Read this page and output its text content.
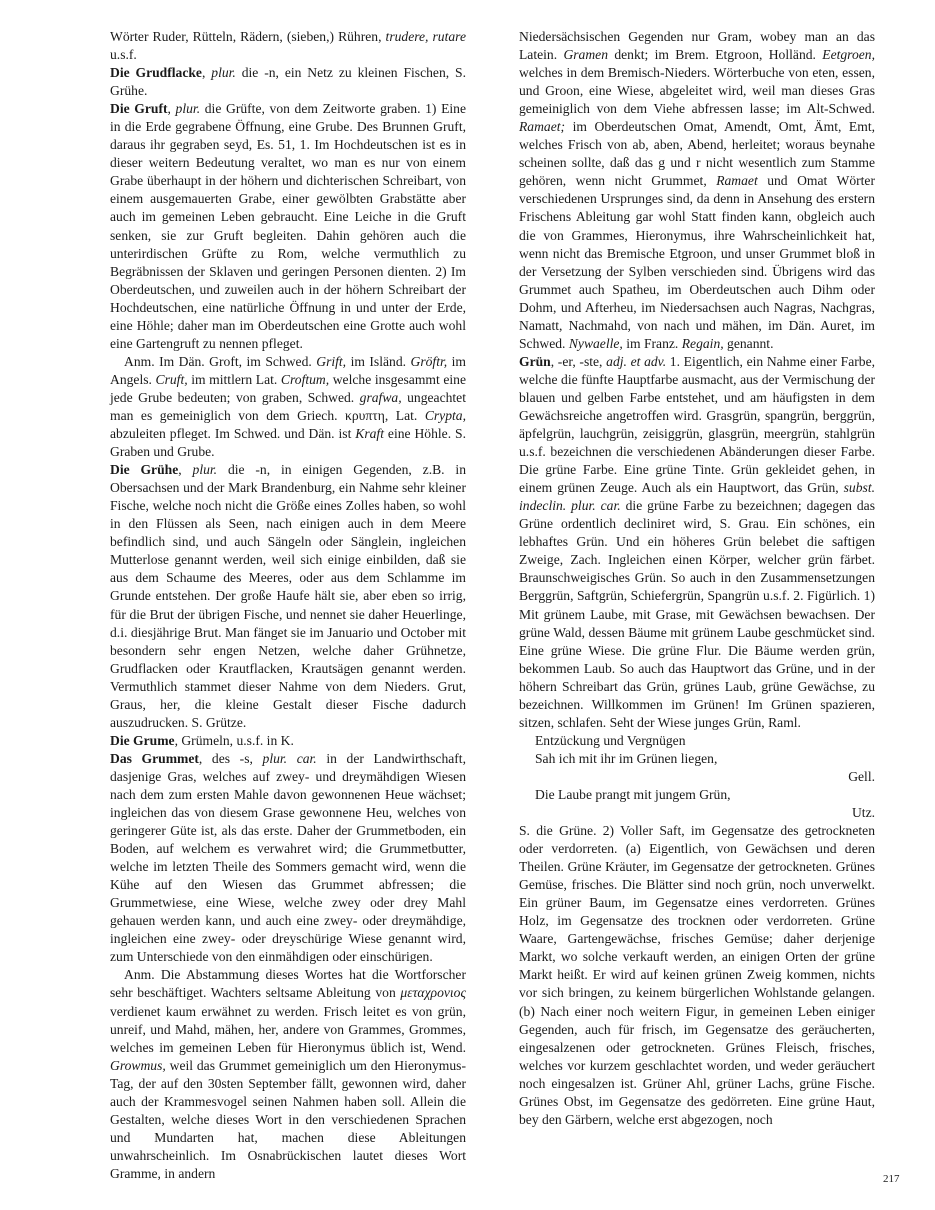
Wörter Ruder, Rütteln, Rädern, (sieben,) Rühren, trudere, rutare u.s.f.

Die Grudflacke, plur. die -n, ein Netz zu kleinen Fischen, S. Grühe.

Die Gruft, plur. die Grüfte, von dem Zeitworte graben. 1) Eine in die Erde gegrabene Öffnung, eine Grube. Des Brunnen Gruft, daraus ihr gegraben seyd, Es. 51, 1. Im Hochdeutschen ist es in dieser weitern Bedeutung veraltet, wo man es nur von einem Grabe überhaupt in der höhern und dichterischen Schreibart, von einem ausgemauerten Grabe, einer gewölbten Grabstätte aber auch im gemeinen Leben gebraucht. Eine Leiche in die Gruft senken, sie zur Gruft begleiten. Dahin gehören auch die unterirdischen Grüfte zu Rom, welche vermuthlich zu Begräbnissen der Sklaven und geringen Personen dienten. 2) Im Oberdeutschen, und zuweilen auch in der höhern Schreibart der Hochdeutschen, eine natürliche Öffnung in und unter der Erde, eine Höhle; daher man im Oberdeutschen eine Grotte auch wohl eine Gartengruft zu nennen pfleget.

Anm. Im Dän. Groft, im Schwed. Grift, im Isländ. Gröftr, im Angels. Cruft, im mittlern Lat. Croftum, welche insgesammt eine jede Grube bedeuten; von graben, Schwed. grafwa, ungeachtet man es gemeiniglich von dem Griech. κρυπτη, Lat. Crypta, abzuleiten pfleget. Im Schwed. und Dän. ist Kraft eine Höhle. S. Graben und Grube.

Die Grühe, plur. die -n, in einigen Gegenden, z.B. in Obersachsen und der Mark Brandenburg, ein Nahme sehr kleiner Fische, welche noch nicht die Größe eines Zolles haben, so wohl in den Flüssen als Seen, nach einigen auch in dem Meere befindlich sind, und auch Sängeln oder Sänglein, ingleichen Mutterlose genannt werden, weil sich einige einbilden, daß sie aus dem Schaume des Meeres, oder aus dem Schlamme im Grunde entstehen. Der große Haufe hält sie, aber eben so irrig, für die Brut der übrigen Fische, und nennet sie daher Heuerlinge, d.i. diesjährige Brut. Man fänget sie im Januario und October mit besondern sehr engen Netzen, welche daher Grühnetze, Grudflacken oder Krautflacken, Krautsägen genannt werden. Vermuthlich stammet dieser Nahme von dem Nieders. Grut, Graus, her, die kleine Gestalt dieser Fische dadurch auszudrucken. S. Grütze.

Die Grume, Grümeln, u.s.f. in K.

Das Grummet, des -s, plur. car. in der Landwirthschaft, dasjenige Gras, welches auf zwey- und dreymähdigen Wiesen nach dem zum ersten Mahle davon gewonnenen Heue wächset; ingleichen das von diesem Grase gewonnene Heu, welches von geringerer Güte ist, als das erste. Daher der Grummetboden, ein Boden, auf welchem es verwahret wird; die Grummetbutter, welche im letzten Theile des Sommers gemacht wird, wenn die Kühe auf den Wiesen das Grummet abfressen; die Grummetwiese, eine Wiese, welche zwey oder drey Mahl gehauen werden kann, und auch eine zwey- oder dreymähdige, ingleichen eine zwey- oder dreyschürige Wiese genannt wird, zum Unterschiede von den einmähdigen oder einschürigen.

Anm. Die Abstammung dieses Wortes hat die Wortforscher sehr beschäftiget. Wachters seltsame Ableitung von μεταχρονιος verdienet kaum erwähnet zu werden. Frisch leitet es von grün, unreif, und Mahd, mähen, her, andere von Grammes, Grommes, welches im gemeinen Leben für Hieronymus üblich ist, Wend. Growmus, weil das Grummet gemeiniglich um den Hieronymus-Tag, der auf den 30sten September fällt, gewonnen wird, daher auch der Krammesvogel seinen Nahmen haben soll. Allein die Gestalten, welche dieses Wort in den verschiedenen Sprachen und Mundarten hat, machen diese Ableitungen unwahrscheinlich. Im Osnabrückischen lautet dieses Wort Gramme, in andern

Niedersächsischen Gegenden nur Gram, wobey man an das Latein. Gramen denkt; im Brem. Etgroon, Holländ. Eetgroen, welches in dem Bremisch-Nieders. Wörterbuche von eten, essen, und Groon, eine Wiese, abgeleitet wird, weil man dieses Gras gemeiniglich von dem Viehe abfressen lasse; im Alt-Schwed. Ramaet; im Oberdeutschen Omat, Amendt, Omt, Ämt, Emt, welches Frisch von ab, aben, Abend, herleitet; woraus beynahe scheinen sollte, daß das g und r nicht wesentlich zum Stamme gehören, wenn nicht Grummet, Ramaet und Omat Wörter verschiedenen Ursprunges sind, da denn in Ansehung des erstern Frischens Ableitung gar wohl Statt finden kann, obgleich auch die von Grammes, Hieronymus, ihre Wahrscheinlichkeit hat, wenn nicht das Bremische Etgroon, und unser Grummet bloß in der Versetzung der Sylben verschieden sind. Übrigens wird das Grummet auch Spatheu, im Oberdeutschen auch Dihm oder Dohm, und Afterheu, im Niedersachsen auch Nagras, Nachgras, Namatt, Nachmahd, von nach und mähen, im Dän. Auret, im Schwed. Nywaelle, im Franz. Regain, genannt.

Grün, -er, -ste, adj. et adv. 1. Eigentlich, ein Nahme einer Farbe, welche die fünfte Hauptfarbe ausmacht, aus der Vermischung der blauen und gelben Farbe entstehet, und am häufigsten in dem Gewächsreiche angetroffen wird. Grasgrün, spangrün, berggrün, äpfelgrün, lauchgrün, zeisiggrün, glasgrün, meergrün, stahlgrün u.s.f. bezeichnen die verschiedenen Abänderungen dieser Farbe. Die grüne Farbe. Eine grüne Tinte. Grün gekleidet gehen, in einem grünen Zeuge. Auch als ein Hauptwort, das Grün, subst. indeclin. plur. car. die grüne Farbe zu bezeichnen; dagegen das Grüne ordentlich decliniret wird, S. Grau. Ein schönes, ein lebhaftes Grün. Und ein höheres Grün belebet die saftigen Zweige, Zach. Ingleichen einen Körper, welcher grün färbet. Braunschweigisches Grün. So auch in den Zusammensetzungen Berggrün, Saftgrün, Schiefergrün, Spangrün u.s.f. 2. Figürlich. 1) Mit grünem Laube, mit Grase, mit Gewächsen bewachsen. Der grüne Wald, dessen Bäume mit grünem Laube geschmücket sind. Eine grüne Wiese. Die grüne Flur. Die Bäume werden grün, bekommen Laub. So auch das Hauptwort das Grüne, und in der höhern Schreibart das Grün, grünes Laub, grüne Gewächse, zu bezeichnen. Willkommen im Grünen! Im Grünen spazieren, sitzen, schlafen. Seht der Wiese junges Grün, Raml.

Entzückung und Vergnügen
Sah ich mit ihr im Grünen liegen,
Gell.
Die Laube prangt mit jungem Grün,
Utz.

S. die Grüne. 2) Voller Saft, im Gegensatze des getrockneten oder verdorreten. (a) Eigentlich, von Gewächsen und deren Theilen. Grüne Kräuter, im Gegensatze der getrockneten. Grünes Gemüse, frisches. Die Blätter sind noch grün, noch unverwelkt. Ein grüner Baum, im Gegensatze eines verdorreten. Grünes Holz, im Gegensatze des trocknen oder verdorreten. Grüne Waare, Gartengewächse, frisches Gemüse; daher derjenige Markt, wo solche verkauft werden, an einigen Orten der grüne Markt heißt. Er wird auf keinen grünen Zweig kommen, nichts vor sich bringen, zu keinem bürgerlichen Wohlstande gelangen. (b) Nach einer noch weitern Figur, in gemeinen Leben einiger Gegenden, auch für frisch, im Gegensatze des geräucherten, eingesalzenen oder getrockneten. Grünes Fleisch, frisches, welches vor kurzem geschlachtet worden, und weder geräuchert noch eingesalzen ist. Grüner Ahl, grüner Lachs, grüne Fische. Grünes Obst, im Gegensatze des gedörreten. Eine grüne Haut, bey den Gärbern, welche erst abgezogen, noch

217
